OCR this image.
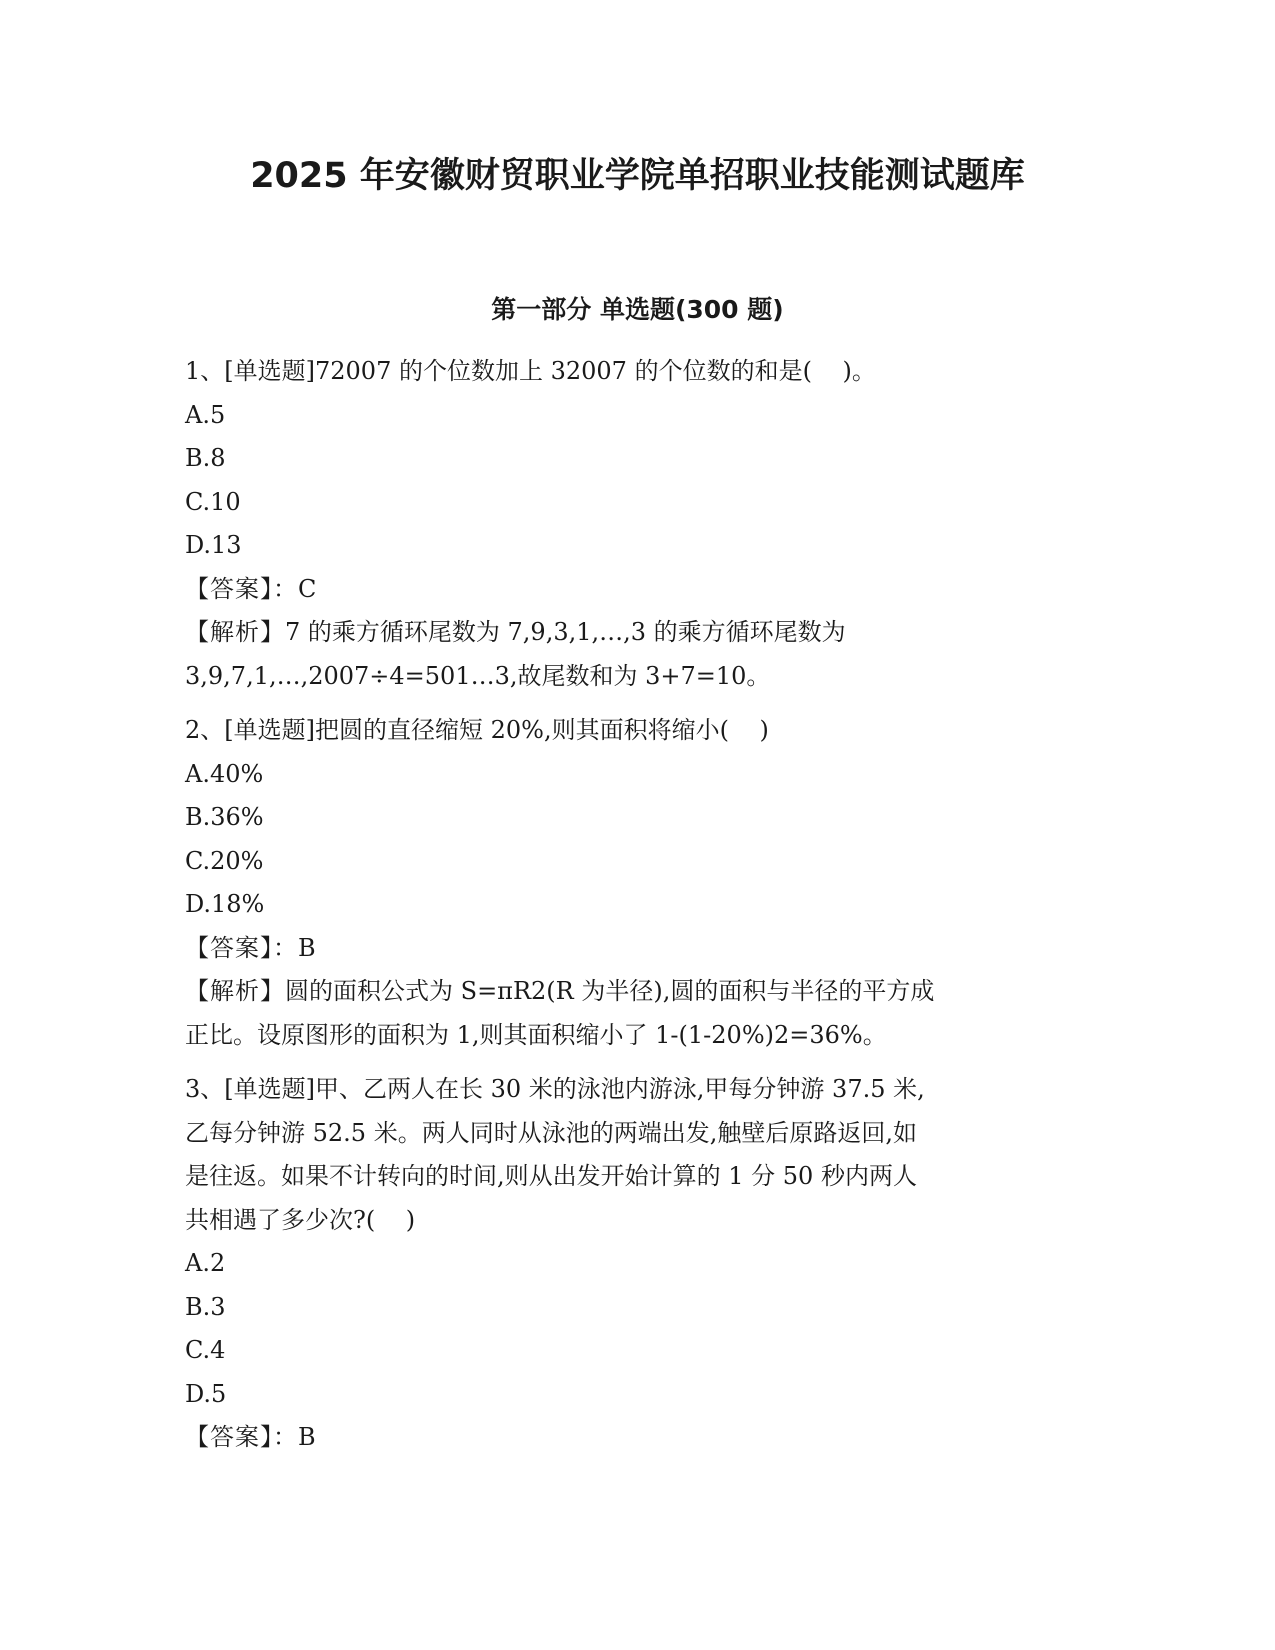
2025 年安徽财贸职业学院单招职业技能测试题库
第一部分 单选题(300 题)
1、[单选题]72007 的个位数加上 32007 的个位数的和是(    )。
A.5
B.8
C.10
D.13
【答案】：C
【解析】7 的乘方循环尾数为 7,9,3,1,…,3 的乘方循环尾数为
3,9,7,1,…,2007÷4=501…3,故尾数和为 3+7=10。
2、[单选题]把圆的直径缩短 20%,则其面积将缩小(    )
A.40%
B.36%
C.20%
D.18%
【答案】：B
【解析】圆的面积公式为 S=πR2(R 为半径),圆的面积与半径的平方成
正比。设原图形的面积为 1,则其面积缩小了 1-(1-20%)2=36%。
3、[单选题]甲、乙两人在长 30 米的泳池内游泳,甲每分钟游 37.5 米,
乙每分钟游 52.5 米。两人同时从泳池的两端出发,触壁后原路返回,如
是往返。如果不计转向的时间,则从出发开始计算的 1 分 50 秒内两人
共相遇了多少次?(    )
A.2
B.3
C.4
D.5
【答案】：B
